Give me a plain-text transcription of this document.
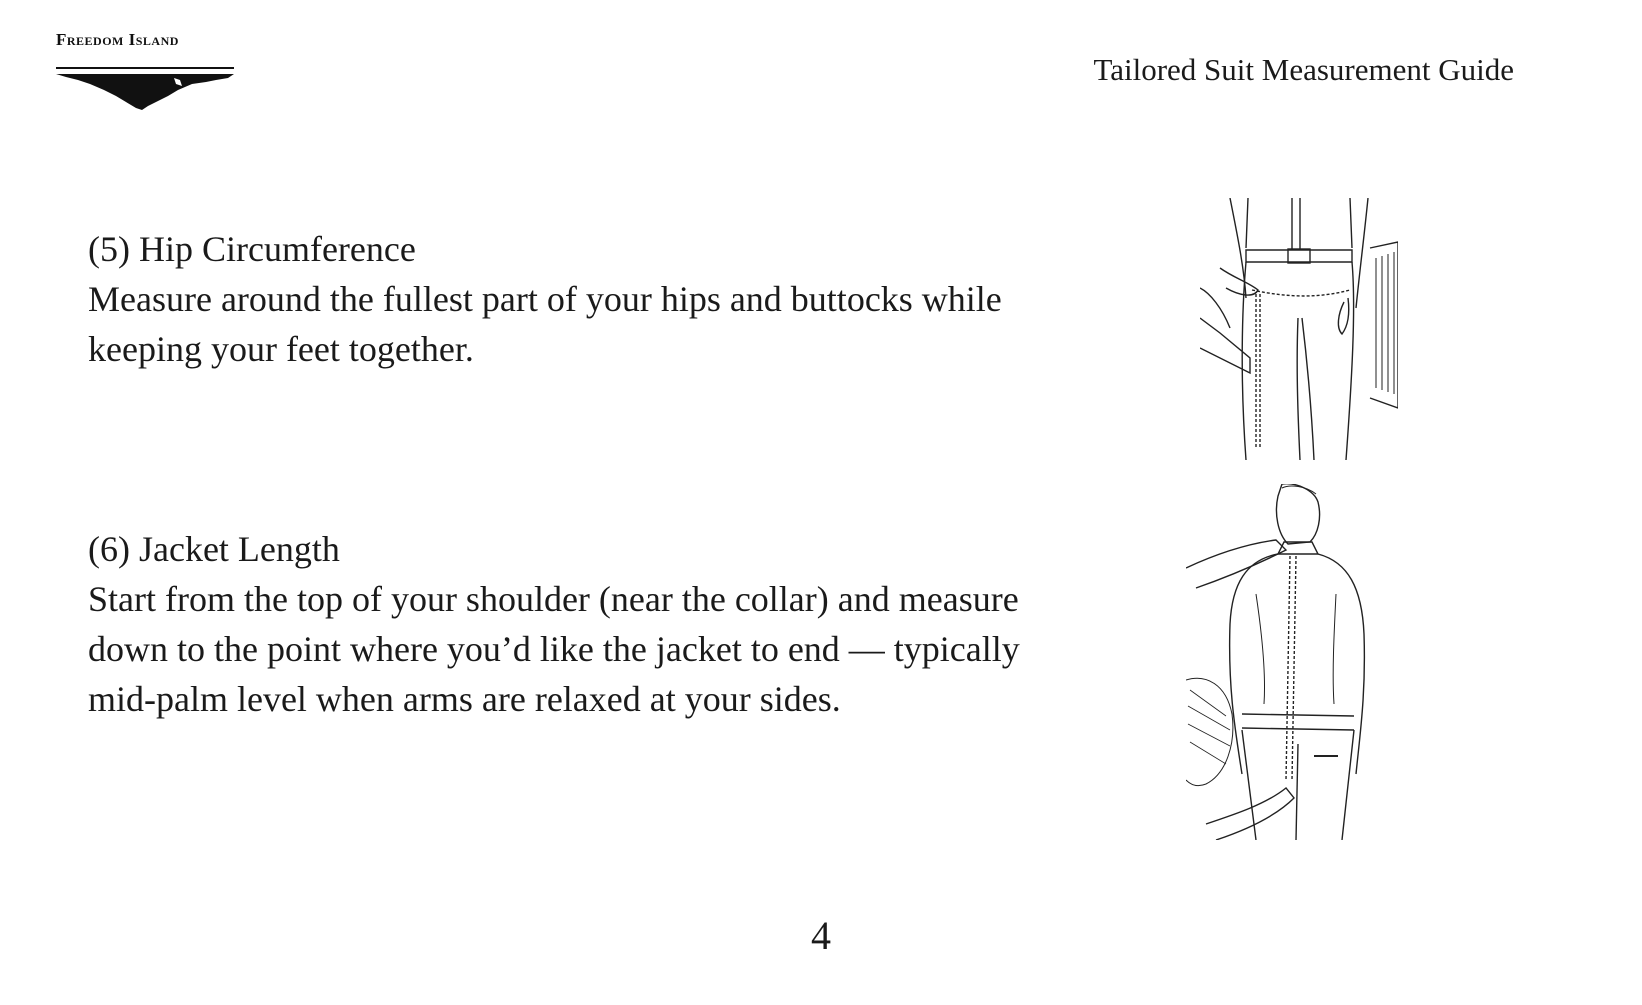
Freedom Island
Tailored Suit Measurement Guide
(5) Hip Circumference

Measure around the fullest part of your hips and buttocks while keeping your feet together.

(6) Jacket Length

Start from the top of your shoulder (near the collar) and measure down to the point where you’d like the jacket to end — typically mid-palm level when arms are relaxed at your sides.

4
